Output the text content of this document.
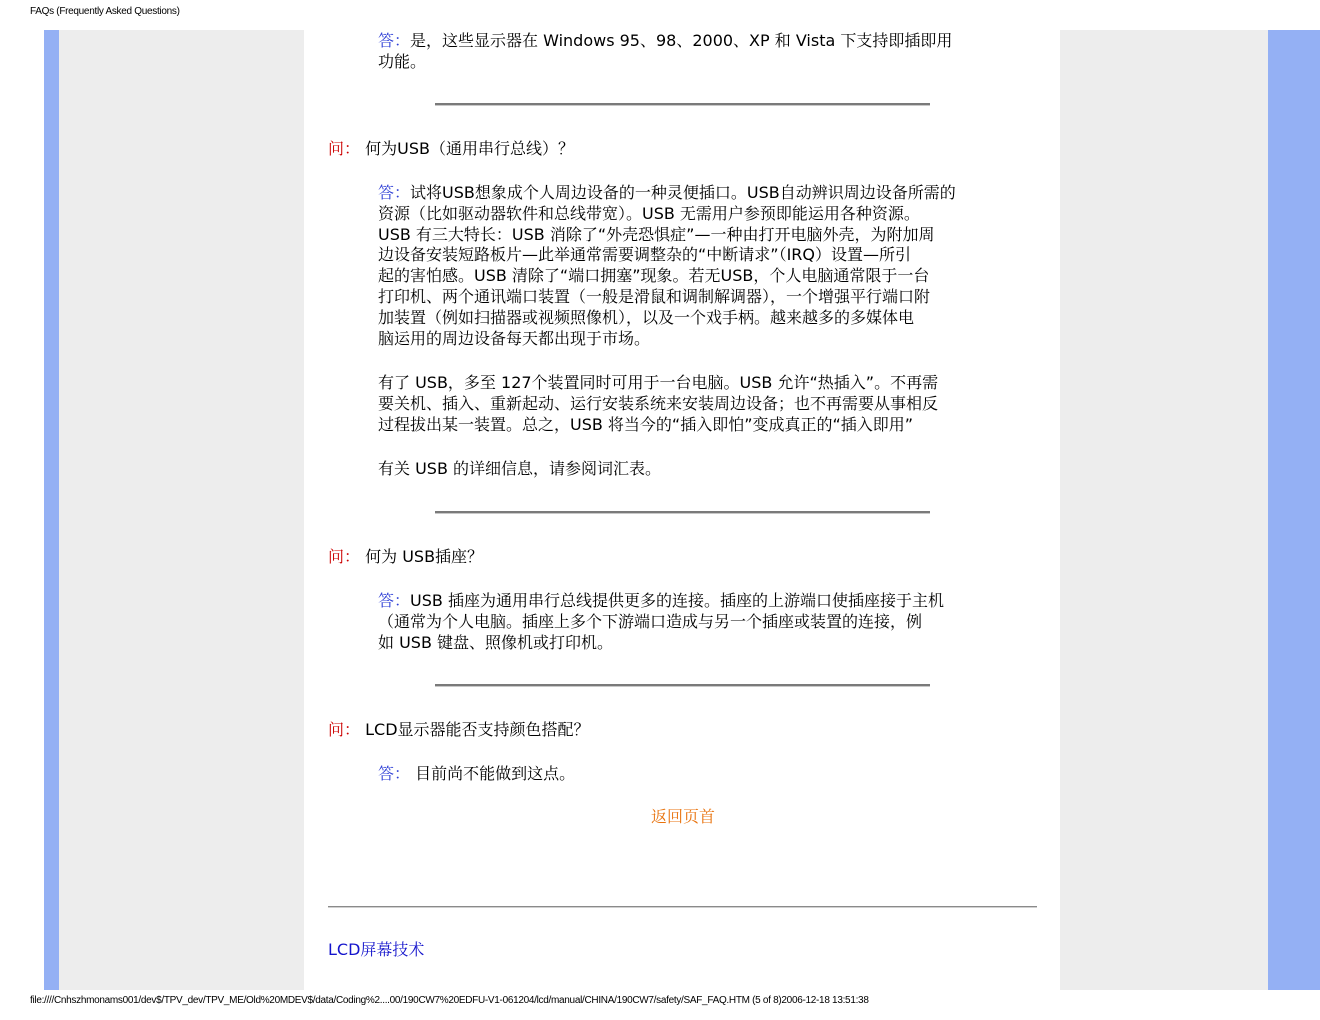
FAQs (Frequently Asked Questions)
答：是，这些显示器在 Windows 95、98、2000、XP 和 Vista 下支持即插即用
功能。
问： 何为USB（通用串行总线）？
答：试将USB想象成个人周边设备的一种灵便插口。USB自动辨识周边设备所需的
资源（比如驱动器软件和总线带宽）。USB 无需用户参预即能运用各种资源。
USB 有三大特长：USB 消除了“外壳恐惧症”—一种由打开电脑外壳，为附加周
边设备安装短路板片—此举通常需要调整杂的“中断请求”（IRQ）设置—所引
起的害怕感。USB 清除了“端口拥塞”现象。若无USB，个人电脑通常限于一台
打印机、两个通讯端口装置（一般是滑鼠和调制解调器），一个增强平行端口附
加装置（例如扫描器或视频照像机），以及一个戏手柄。越来越多的多媒体电
脑运用的周边设备每天都出现于市场。
有了 USB，多至 127个装置同时可用于一台电脑。USB 允许“热插入”。不再需
要关机、插入、重新起动、运行安装系统来安装周边设备；也不再需要从事相反
过程拔出某一装置。总之，USB 将当今的“插入即怕”变成真正的“插入即用”
有关 USB 的详细信息，请参阅词汇表。
问： 何为 USB插座？
答：USB 插座为通用串行总线提供更多的连接。插座的上游端口使插座接于主机
（通常为个人电脑。插座上多个下游端口造成与另一个插座或装置的连接，例
如 USB 键盘、照像机或打印机。
问： LCD显示器能否支持颜色搭配？
答： 目前尚不能做到这点。
返回页首
LCD屏幕技术
file:////Cnhszhmonams001/dev$/TPV_dev/TPV_ME/Old%20MDEV$/data/Coding%2....00/190CW7%20EDFU-V1-061204/lcd/manual/CHINA/190CW7/safety/SAF_FAQ.HTM (5 of 8)2006-12-18 13:51:38
